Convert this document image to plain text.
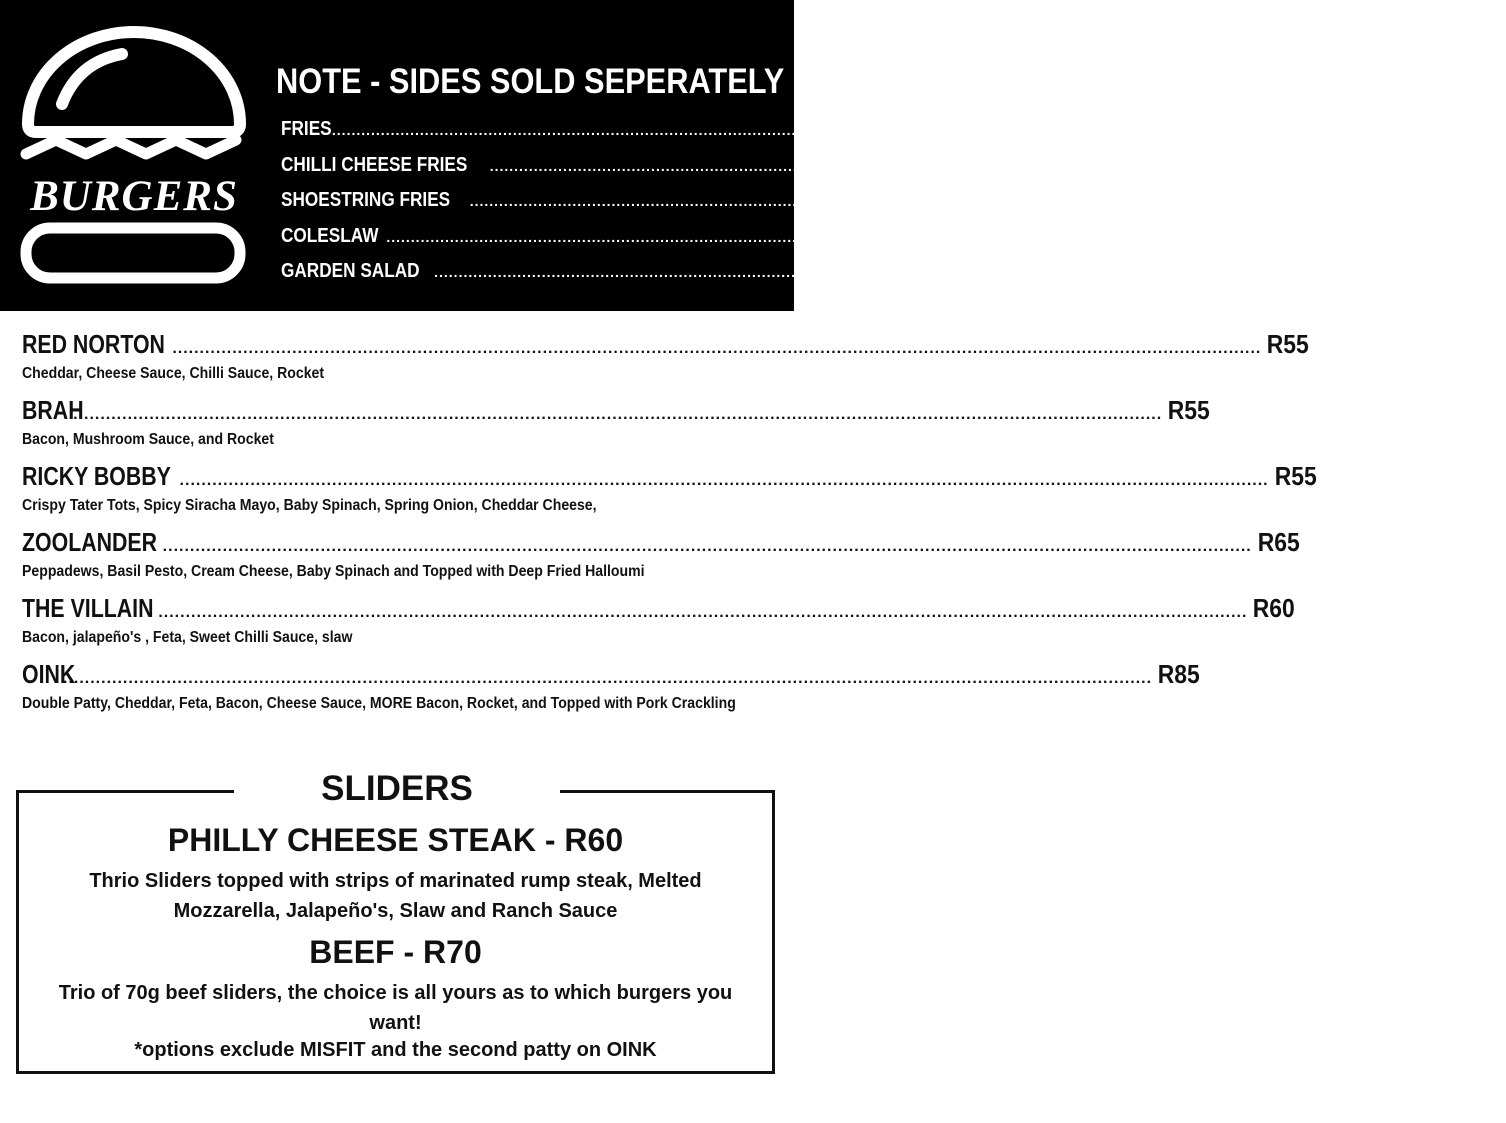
BURGERS
NOTE - SIDES SOLD SEPERATELY
FRIES ........................................................................................................................................................................................................ R20
CHILLI CHEESE FRIES ........................................................................................................................................................................................................ R30
SHOESTRING FRIES ........................................................................................................................................................................................................ R30
COLESLAW ........................................................................................................................................................................................................ R15
GARDEN SALAD ........................................................................................................................................................................................................ R20
RED NORTON ........................................................................................................................................................................................................ R55
Cheddar, Cheese Sauce, Chilli Sauce, Rocket
BRAH
........................................................................................................................................................................................................ R55
Bacon, Mushroom Sauce, and Rocket
RICKY BOBBY ........................................................................................................................................................................................................ R55
Crispy Tater Tots, Spicy Siracha Mayo, Baby Spinach, Spring Onion, Cheddar Cheese,
ZOOLANDER ........................................................................................................................................................................................................ R65
Peppadews, Basil Pesto, Cream Cheese, Baby Spinach and Topped with Deep Fried Halloumi
THE VILLAIN ........................................................................................................................................................................................................ R60
Bacon, jalapeño's , Feta, Sweet Chilli Sauce, slaw
OINK
........................................................................................................................................................................................................ R85
Double Patty, Cheddar, Feta, Bacon, Cheese Sauce, MORE Bacon, Rocket, and Topped with Pork Crackling
SLIDERS
PHILLY CHEESE STEAK - R60
Thrio Sliders topped with strips of marinated rump steak, Melted Mozzarella, Jalapeño's, Slaw and Ranch Sauce
BEEF - R70
Trio of 70g beef sliders, the choice is all yours as to which burgers you want!
*options exclude MISFIT and the second patty on OINK
